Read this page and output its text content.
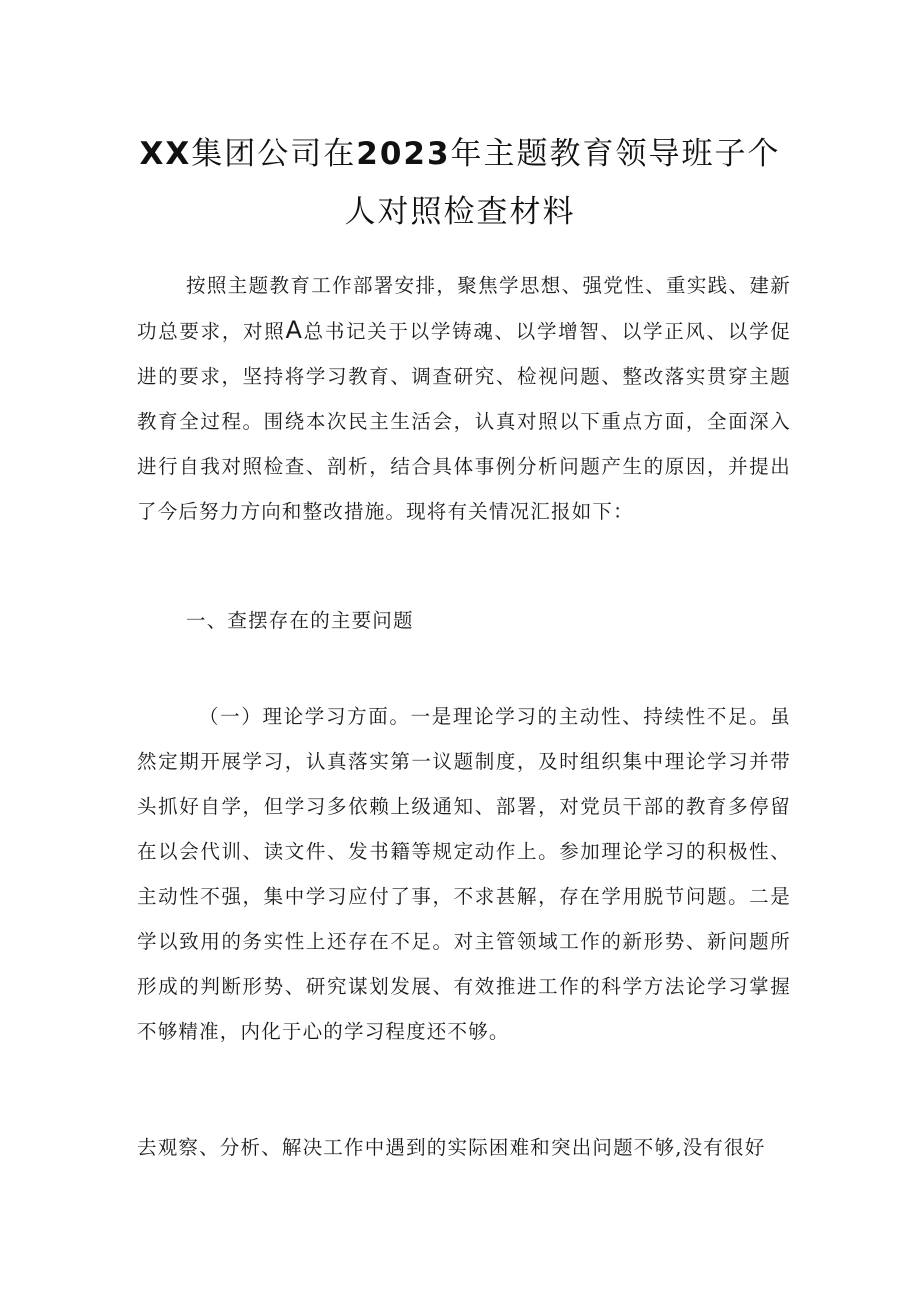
XX集团公司在2023年主题教育领导班子个
人对照检查材料

按照主题教育工作部署安排，聚焦学思想、强党性、重实践、建新功总要求，对照A总书记关于以学铸魂、以学增智、以学正风、以学促进的要求，坚持将学习教育、调查研究、检视问题、整改落实贯穿主题教育全过程。围绕本次民主生活会，认真对照以下重点方面，全面深入进行自我对照检查、剖析，结合具体事例分析问题产生的原因，并提出了今后努力方向和整改措施。现将有关情况汇报如下：

一、查摆存在的主要问题

（一）理论学习方面。一是理论学习的主动性、持续性不足。虽然定期开展学习，认真落实第一议题制度，及时组织集中理论学习并带头抓好自学，但学习多依赖上级通知、部署，对党员干部的教育多停留在以会代训、读文件、发书籍等规定动作上。参加理论学习的积极性、主动性不强，集中学习应付了事，不求甚解，存在学用脱节问题。二是学以致用的务实性上还存在不足。对主管领域工作的新形势、新问题所形成的判断形势、研究谋划发展、有效推进工作的科学方法论学习掌握不够精准，内化于心的学习程度还不够。

去观察、分析、解决工作中遇到的实际困难和突出问题不够,没有很好
